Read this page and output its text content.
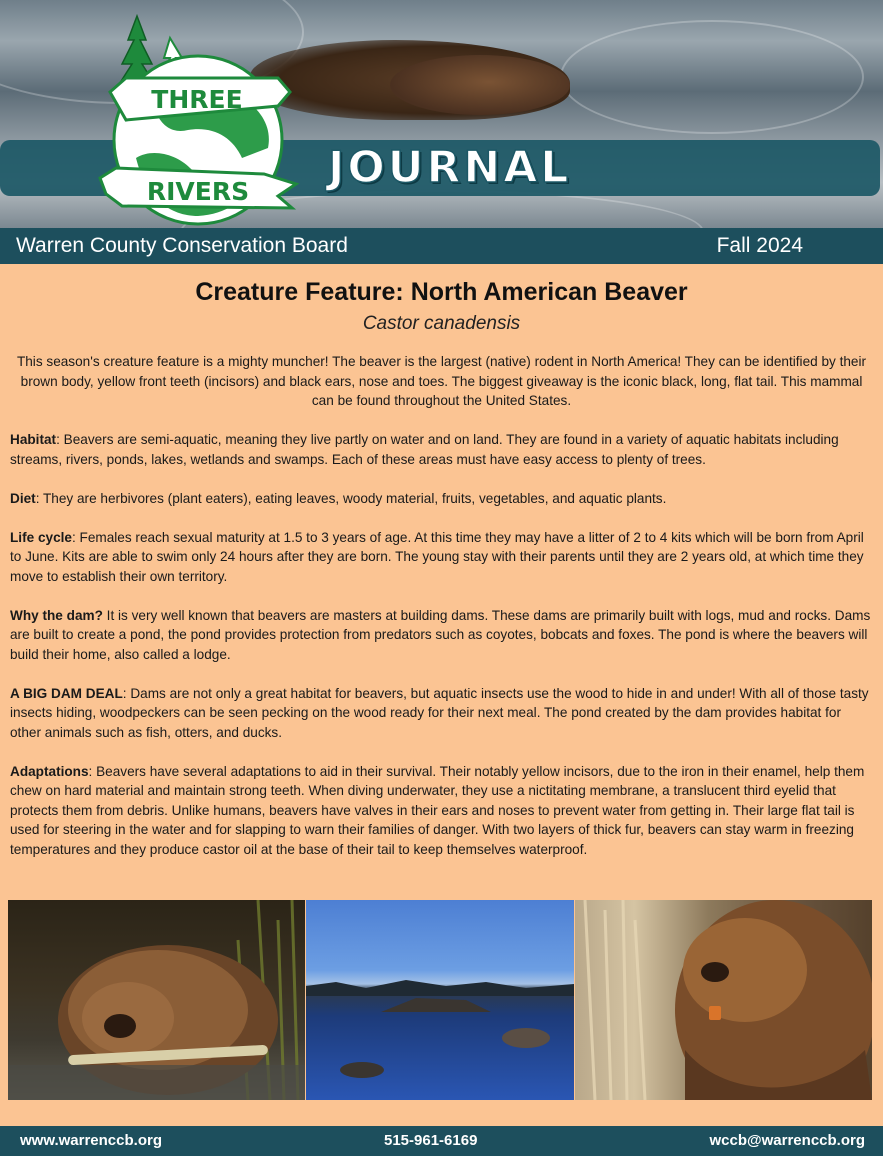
JOURNAL
THREE
RIVERS
Warren County Conservation Board	Fall 2024
Creature Feature: North American Beaver
Castor canadensis

This season's creature feature is a mighty muncher! The beaver is the largest (native) rodent in North America! They can be identified by their brown body, yellow front teeth (incisors) and black ears, nose and toes. The biggest giveaway is the iconic black, long, flat tail. This mammal can be found throughout the United States.

Habitat: Beavers are semi-aquatic, meaning they live partly on water and on land. They are found in a variety of aquatic habitats including streams, rivers, ponds, lakes, wetlands and swamps. Each of these areas must have easy access to plenty of trees.

Diet: They are herbivores (plant eaters), eating leaves, woody material, fruits, vegetables, and aquatic plants.

Life cycle: Females reach sexual maturity at 1.5 to 3 years of age. At this time they may have a litter of 2 to 4 kits which will be born from April to June. Kits are able to swim only 24 hours after they are born. The young stay with their parents until they are 2 years old, at which time they move to establish their own territory.

Why the dam? It is very well known that beavers are masters at building dams. These dams are primarily built with logs, mud and rocks. Dams are built to create a pond, the pond provides protection from predators such as coyotes, bobcats and foxes. The pond is where the beavers will build their home, also called a lodge.

A BIG DAM DEAL: Dams are not only a great habitat for beavers, but aquatic insects use the wood to hide in and under! With all of those tasty insects hiding, woodpeckers can be seen pecking on the wood ready for their next meal. The pond created by the dam provides habitat for other animals such as fish, otters, and ducks.

Adaptations: Beavers have several adaptations to aid in their survival. Their notably yellow incisors, due to the iron in their enamel, help them chew on hard material and maintain strong teeth. When diving underwater, they use a nictitating membrane, a translucent third eyelid that protects them from debris. Unlike humans, beavers have valves in their ears and noses to prevent water from getting in. Their large flat tail is used for steering in the water and for slapping to warn their families of danger. With two layers of thick fur, beavers can stay warm in freezing temperatures and they produce castor oil at the base of their tail to keep themselves waterproof.

www.warrenccb.org	515-961-6169	wccb@warrenccb.org
